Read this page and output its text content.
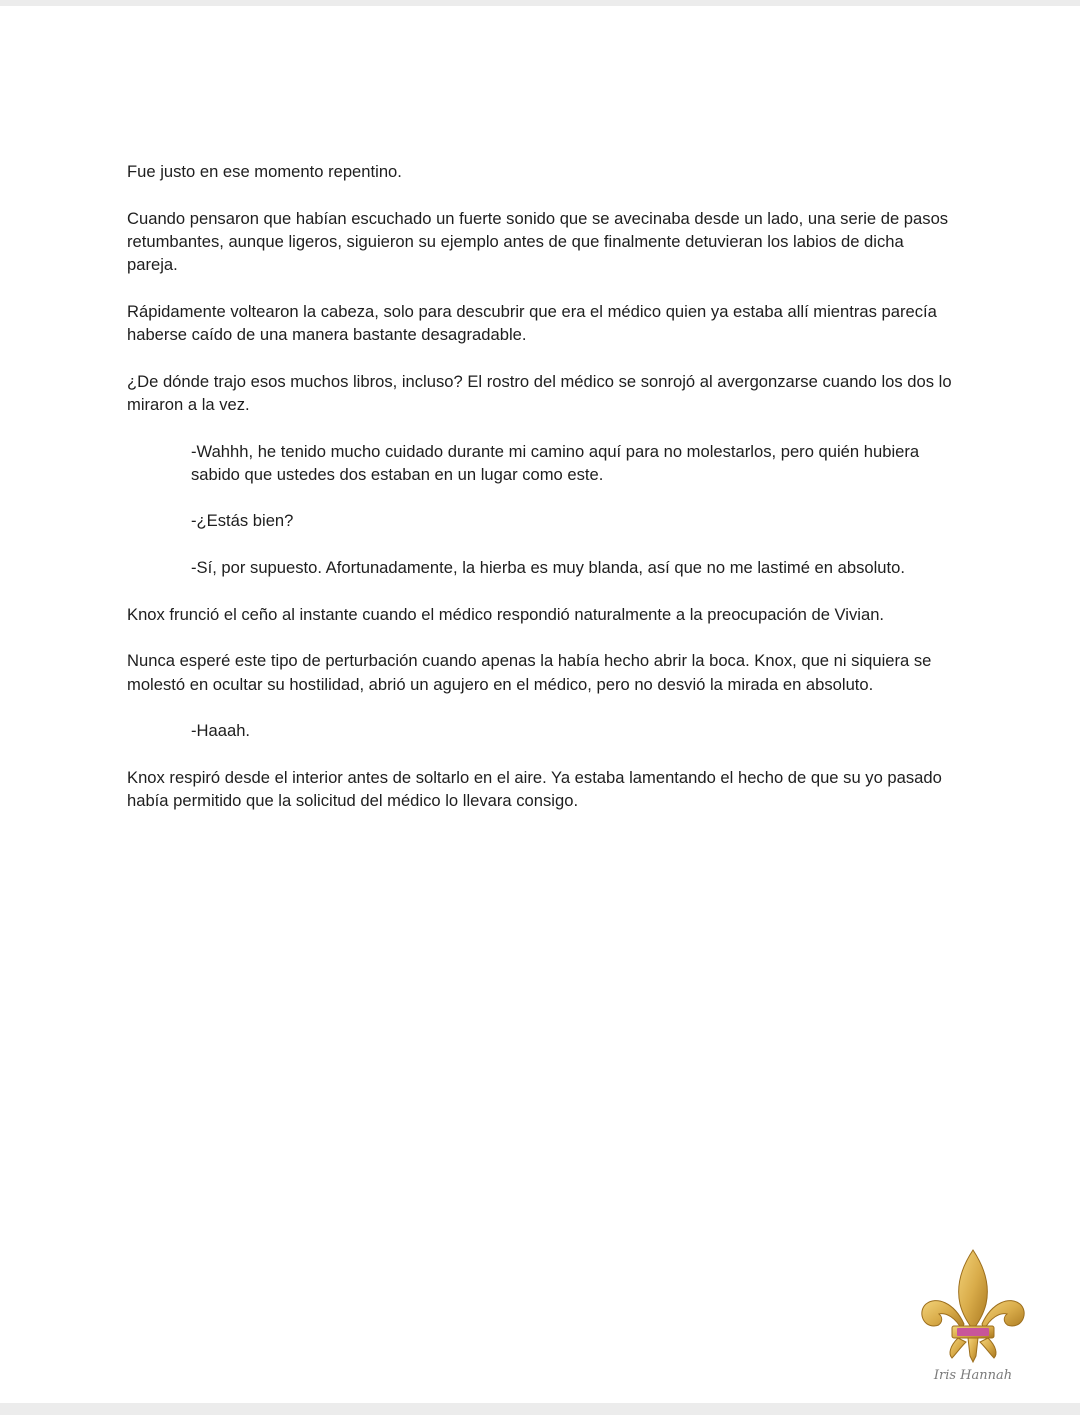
Fue justo en ese momento repentino.

Cuando pensaron que habían escuchado un fuerte sonido que se avecinaba desde un lado, una serie de pasos retumbantes, aunque ligeros, siguieron su ejemplo antes de que finalmente detuvieran los labios de dicha pareja.

Rápidamente voltearon la cabeza, solo para descubrir que era el médico quien ya estaba allí mientras parecía haberse caído de una manera bastante desagradable.

¿De dónde trajo esos muchos libros, incluso? El rostro del médico se sonrojó al avergonzarse cuando los dos lo miraron a la vez.

-Wahhh, he tenido mucho cuidado durante mi camino aquí para no molestarlos, pero quién hubiera sabido que ustedes dos estaban en un lugar como este.

-¿Estás bien?

-Sí, por supuesto. Afortunadamente, la hierba es muy blanda, así que no me lastimé en absoluto.

Knox frunció el ceño al instante cuando el médico respondió naturalmente a la preocupación de Vivian.

Nunca esperé este tipo de perturbación cuando apenas la había hecho abrir la boca. Knox, que ni siquiera se molestó en ocultar su hostilidad, abrió un agujero en el médico, pero no desvió la mirada en absoluto.

-Haaah.

Knox respiró desde el interior antes de soltarlo en el aire. Ya estaba lamentando el hecho de que su yo pasado había permitido que la solicitud del médico lo llevara consigo.

Iris Hannah
